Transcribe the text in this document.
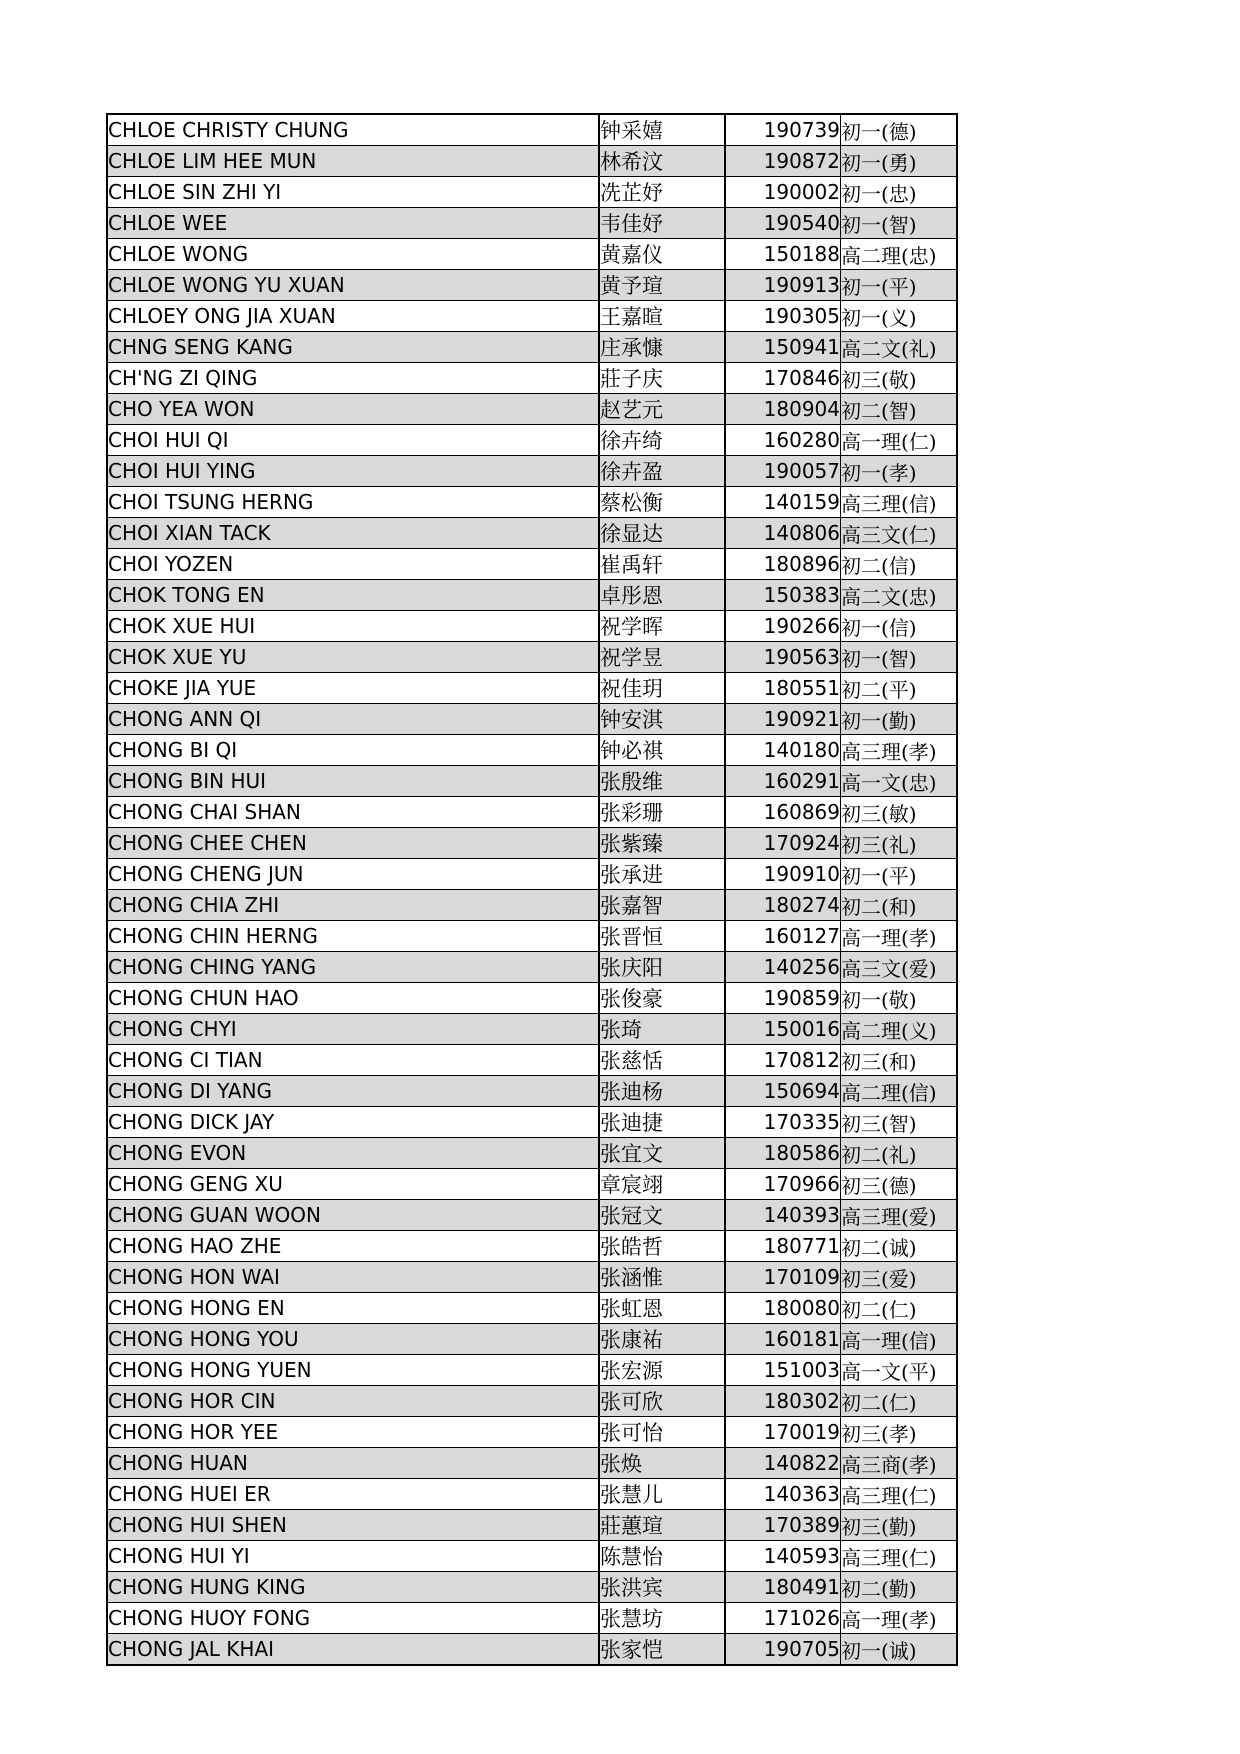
CHLOE CHRISTY CHUNG	钟采嬉	190739	初一(德)
CHLOE LIM HEE MUN	林希汶	190872	初一(勇)
CHLOE SIN ZHI YI	冼芷妤	190002	初一(忠)
CHLOE WEE	韦佳妤	190540	初一(智)
CHLOE WONG	黄嘉仪	150188	高二理(忠)
CHLOE WONG YU XUAN	黄予瑄	190913	初一(平)
CHLOEY ONG JIA XUAN	王嘉暄	190305	初一(义)
CHNG SENG KANG	庄承慷	150941	高二文(礼)
CH'NG ZI QING	莊子庆	170846	初三(敬)
CHO YEA WON	赵艺元	180904	初二(智)
CHOI HUI QI	徐卉绮	160280	高一理(仁)
CHOI HUI YING	徐卉盈	190057	初一(孝)
CHOI TSUNG HERNG	蔡松衡	140159	高三理(信)
CHOI XIAN TACK	徐显达	140806	高三文(仁)
CHOI YOZEN	崔禹轩	180896	初二(信)
CHOK TONG EN	卓彤恩	150383	高二文(忠)
CHOK XUE HUI	祝学晖	190266	初一(信)
CHOK XUE YU	祝学昱	190563	初一(智)
CHOKE JIA YUE	祝佳玥	180551	初二(平)
CHONG ANN QI	钟安淇	190921	初一(勤)
CHONG BI QI	钟必祺	140180	高三理(孝)
CHONG BIN HUI	张殷维	160291	高一文(忠)
CHONG CHAI SHAN	张彩珊	160869	初三(敏)
CHONG CHEE CHEN	张紫臻	170924	初三(礼)
CHONG CHENG JUN	张承进	190910	初一(平)
CHONG CHIA ZHI	张嘉智	180274	初二(和)
CHONG CHIN HERNG	张晋恒	160127	高一理(孝)
CHONG CHING YANG	张庆阳	140256	高三文(爱)
CHONG CHUN HAO	张俊豪	190859	初一(敬)
CHONG CHYI	张琦	150016	高二理(义)
CHONG CI TIAN	张慈恬	170812	初三(和)
CHONG DI YANG	张迪杨	150694	高二理(信)
CHONG DICK JAY	张迪捷	170335	初三(智)
CHONG EVON	张宜文	180586	初二(礼)
CHONG GENG XU	章宸翊	170966	初三(德)
CHONG GUAN WOON	张冠文	140393	高三理(爱)
CHONG HAO ZHE	张皓哲	180771	初二(诚)
CHONG HON WAI	张涵惟	170109	初三(爱)
CHONG HONG EN	张虹恩	180080	初二(仁)
CHONG HONG YOU	张康祐	160181	高一理(信)
CHONG HONG YUEN	张宏源	151003	高一文(平)
CHONG HOR CIN	张可欣	180302	初二(仁)
CHONG HOR YEE	张可怡	170019	初三(孝)
CHONG HUAN	张焕	140822	高三商(孝)
CHONG HUEI ER	张慧儿	140363	高三理(仁)
CHONG HUI SHEN	莊蕙瑄	170389	初三(勤)
CHONG HUI YI	陈慧怡	140593	高三理(仁)
CHONG HUNG KING	张洪宾	180491	初二(勤)
CHONG HUOY FONG	张慧坊	171026	高一理(孝)
CHONG JAL KHAI	张家恺	190705	初一(诚)
